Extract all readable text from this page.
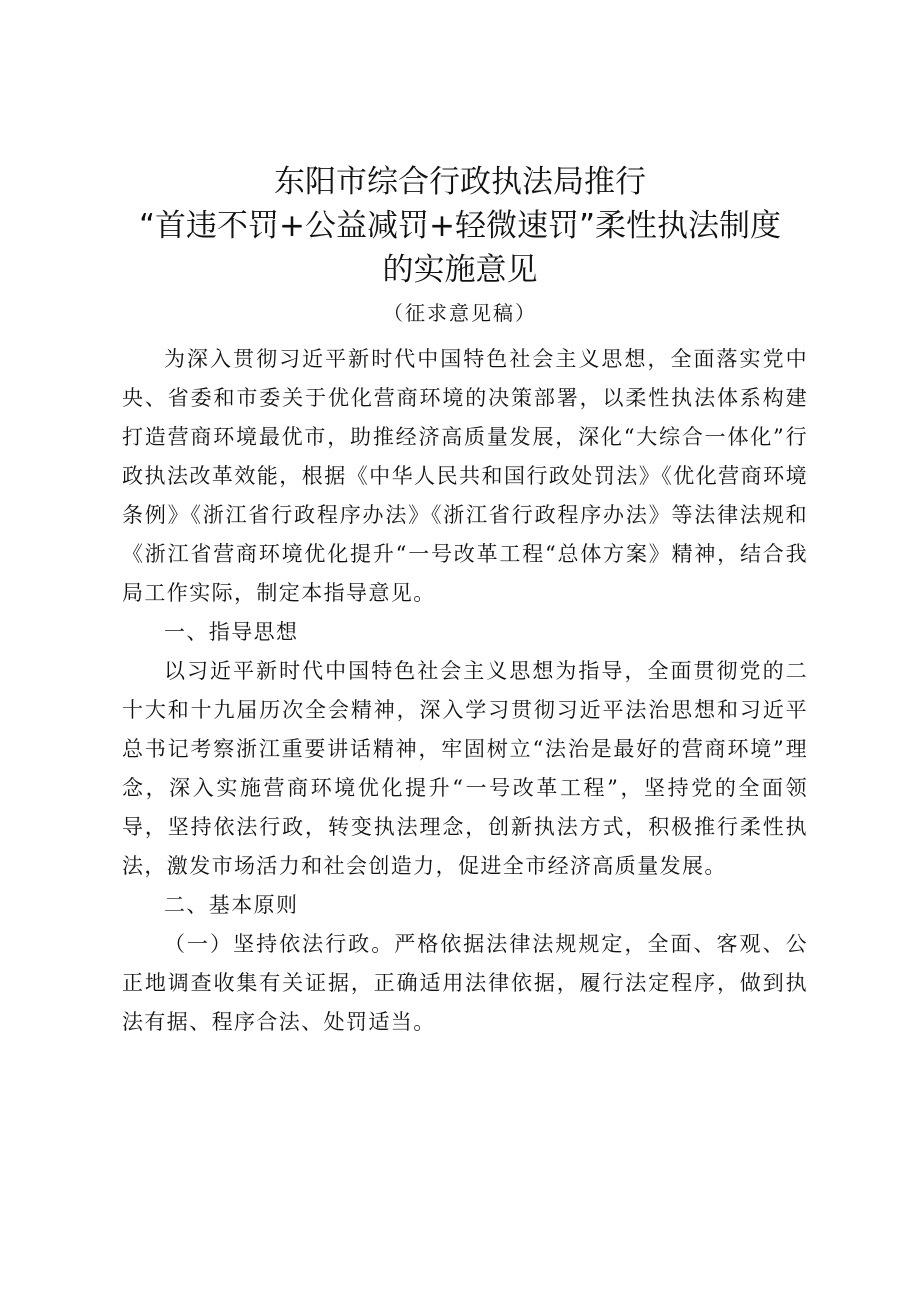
东阳市综合行政执法局推行
“首违不罚+公益减罚+轻微速罚”柔性执法制度
的实施意见
（征求意见稿）

为深入贯彻习近平新时代中国特色社会主义思想，全面落实党中央、省委和市委关于优化营商环境的决策部署，以柔性执法体系构建打造营商环境最优市，助推经济高质量发展，深化“大综合一体化”行政执法改革效能，根据《中华人民共和国行政处罚法》《优化营商环境条例》《浙江省行政程序办法》《浙江省行政程序办法》等法律法规和《浙江省营商环境优化提升“一号改革工程“总体方案》精神，结合我局工作实际，制定本指导意见。

一、指导思想

以习近平新时代中国特色社会主义思想为指导，全面贯彻党的二十大和十九届历次全会精神，深入学习贯彻习近平法治思想和习近平总书记考察浙江重要讲话精神，牢固树立“法治是最好的营商环境”理念，深入实施营商环境优化提升“一号改革工程”，坚持党的全面领导，坚持依法行政，转变执法理念，创新执法方式，积极推行柔性执法，激发市场活力和社会创造力，促进全市经济高质量发展。

二、基本原则

（一）坚持依法行政。严格依据法律法规规定，全面、客观、公正地调查收集有关证据，正确适用法律依据，履行法定程序，做到执法有据、程序合法、处罚适当。
